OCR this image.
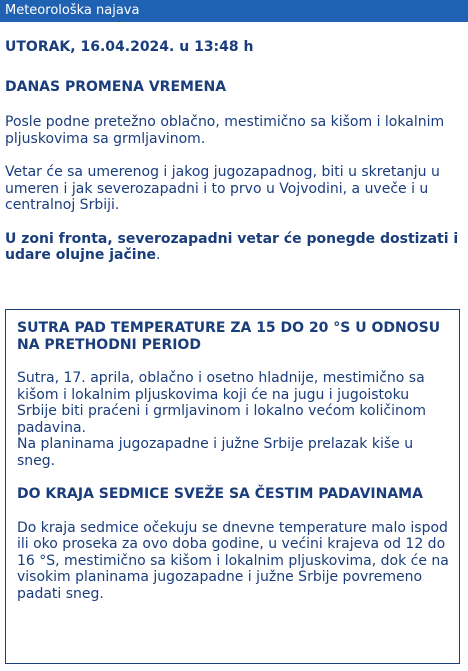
Meteorološka najava

UTORAK, 16.04.2024. u 13:48 h

DANAS PROMENA VREMENA

Posle podne pretežno oblačno, mestimično sa kišom i lokalnim pljuskovima sa grmljavinom.

Vetar će sa umerenog i jakog jugozapadnog, biti u skretanju u umeren i jak severozapadni i to prvo u Vojvodini, a uveče i u centralnoj Srbiji.

U zoni fronta, severozapadni vetar će ponegde dostizati i udare olujne jačine.

SUTRA PAD TEMPERATURE ZA 15 DO 20 °S U ODNOSU NA PRETHODNI PERIOD

Sutra, 17. aprila, oblačno i osetno hladnije, mestimično sa kišom i lokalnim pljuskovima koji će na jugu i jugoistoku Srbije biti praćeni i grmljavinom i lokalno većom količinom padavina.
Na planinama jugozapadne i južne Srbije prelazak kiše u sneg.

DO KRAJA SEDMICE SVEŽE SA ČESTIM PADAVINAMA

Do kraja sedmice očekuju se dnevne temperature malo ispod ili oko proseka za ovo doba godine, u većini krajeva od 12 do 16 °S, mestimično sa kišom i lokalnim pljuskovima, dok će na visokim planinama jugozapadne i južne Srbije povremeno padati sneg.
